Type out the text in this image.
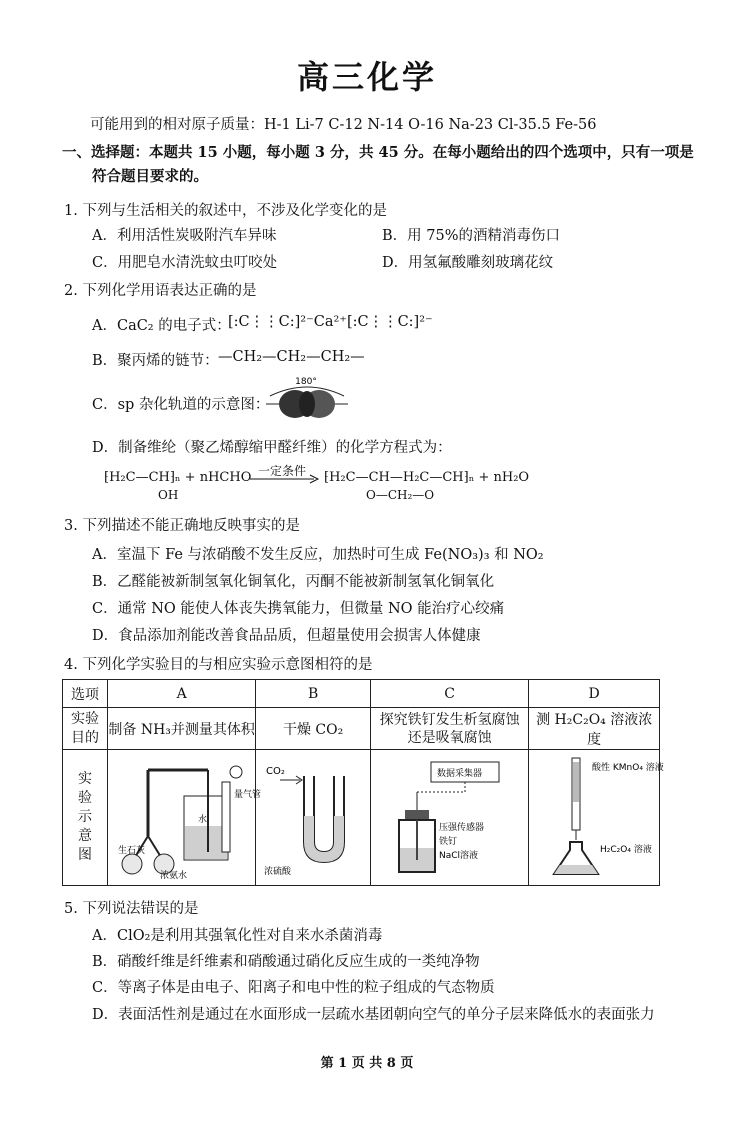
高三化学
可能用到的相对原子质量：H-1 Li-7 C-12 N-14 O-16 Na-23 Cl-35.5 Fe-56
一、选择题：本题共 15 小题，每小题 3 分，共 45 分。在每小题给出的四个选项中，只有一项是
符合题目要求的。
1. 下列与生活相关的叙述中，不涉及化学变化的是
A．利用活性炭吸附汽车异味	B．用 75%的酒精消毒伤口
C．用肥皂水清洗蚊虫叮咬处	D．用氢氟酸雕刻玻璃花纹
2. 下列化学用语表达正确的是
A．CaC₂ 的电子式：
[:C⋮⋮C:]²⁻Ca²⁺[:C⋮⋮C:]²⁻
B．聚丙烯的链节： —CH₂—CH₂—CH₂—
C．sp 杂化轨道的示意图：
180°
D．制备维纶（聚乙烯醇缩甲醛纤维）的化学方程式为：
⁅H₂C—CH⁆ₙ + nHCHO
OH
一定条件 ⁅H₂C—CH—H₂C—CH⁆ₙ + nH₂O
O—CH₂—O
3. 下列描述不能正确地反映事实的是
A．室温下 Fe 与浓硝酸不发生反应，加热时可生成 Fe(NO₃)₃ 和 NO₂
B．乙醛能被新制氢氧化铜氧化，丙酮不能被新制氢氧化铜氧化
C．通常 NO 能使人体丧失携氧能力，但微量 NO 能治疗心绞痛
D．食品添加剂能改善食品品质，但超量使用会损害人体健康
4. 下列化学实验目的与相应实验示意图相符的是
选项	A	B	C	D
实验
目的	制备 NH₃并测量其体积	干燥 CO₂	探究铁钉发生析氢腐蚀还是吸氧腐蚀	测 H₂C₂O₄ 溶液浓度
实
验
示
意
图	生石灰
浓氨水
水
量气管	CO₂
浓硫酸	数据采集器
压强传感器
铁钉
NaCl溶液	酸性 KMnO₄ 溶液
H₂C₂O₄ 溶液
5. 下列说法错误的是
A．ClO₂是利用其强氧化性对自来水杀菌消毒
B．硝酸纤维是纤维素和硝酸通过硝化反应生成的一类纯净物
C．等离子体是由电子、阳离子和电中性的粒子组成的气态物质
D．表面活性剂是通过在水面形成一层疏水基团朝向空气的单分子层来降低水的表面张力
第 1 页 共 8 页
